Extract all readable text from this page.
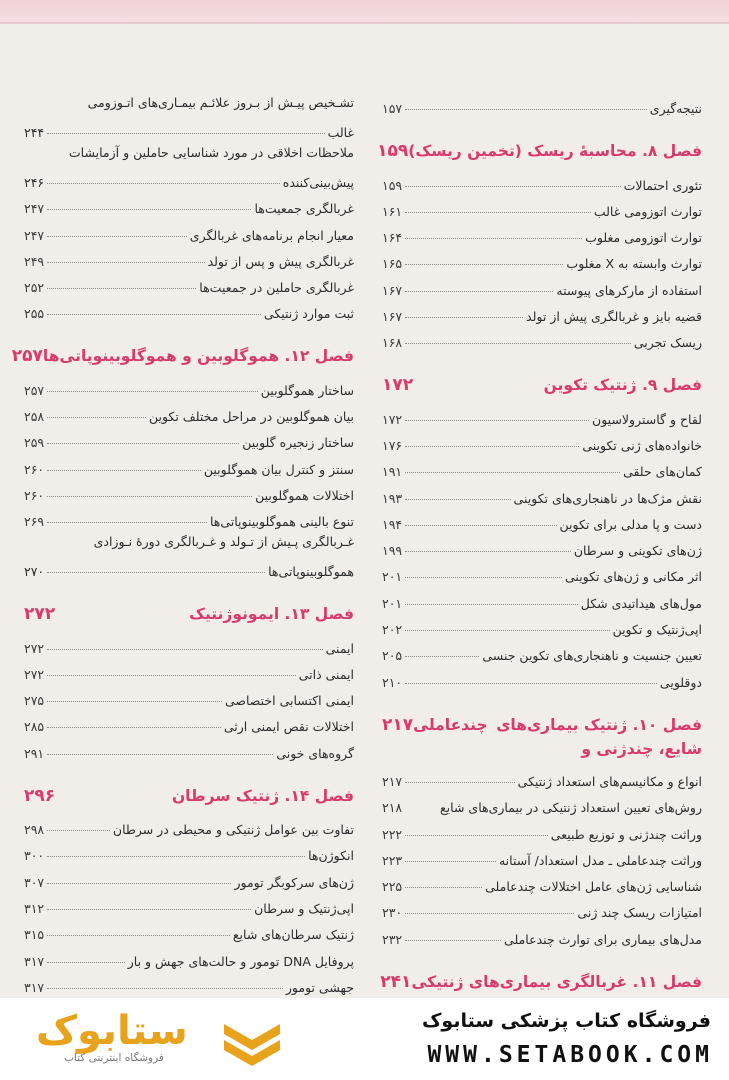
نتیجه‌گیری
۱۵۷
فصل ۸. محاسبهٔ ریسک (تخمین ریسک)
۱۵۹
تئوری احتمالات
۱۵۹
توارث اتوزومی غالب
۱۶۱
توارث اتوزومی مغلوب
۱۶۴
توارث وابسته به X مغلوب
۱۶۵
استفاده از مارکرهای پیوسته
۱۶۷
قضیه بایز و غربالگری پیش از تولد
۱۶۷
ریسک تجربی
۱۶۸
فصل ۹. ژنتیک تکوین
۱۷۲
لقاح و گاسترولاسیون
۱۷۲
خانواده‌های ژنی تکوینی
۱۷۶
کمان‌های حلقی
۱۹۱
نقش مژک‌ها در ناهنجاری‌های تکوینی
۱۹۳
دست و پا مدلی برای تکوین
۱۹۴
ژن‌های تکوینی و سرطان
۱۹۹
اثر مکانی و ژن‌های تکوینی
۲۰۱
مول‌های هیداتیدی شکل
۲۰۱
اپی‌ژنتیک و تکوین
۲۰۲
تعیین جنسیت و ناهنجاری‌های تکوین جنسی
۲۰۵
دوقلویی
۲۱۰
فصل ۱۰. ژنتیک بیماری‌های شایع، چندژنی و
چندعاملی
۲۱۷
انواع و مکانیسم‌های استعداد ژنتیکی
۲۱۷
روش‌های تعیین استعداد ژنتیکی در بیماری‌های شایع
۲۱۸
وراثت چندژنی و توزیع طبیعی
۲۲۲
وراثت چندعاملی ـ مدل استعداد/ آستانه
۲۲۳
شناسایی ژن‌های عامل اختلالات چندعاملی
۲۲۵
امتیازات ریسک چند ژنی
۲۳۰
مدل‌های بیماری برای توارث چندعاملی
۲۳۲
فصل ۱۱. غربالگری بیماری‌های ژنتیکی
۲۴۱
تشـخیص پیـش از بـروز علائـم بیمـاری‌های اتـوزومی
غالب
۲۴۴
ملاحظات اخلاقی در مورد شناسایی حاملین و آزمایشات
پیش‌بینی‌کننده
۲۴۶
غربالگری جمعیت‌ها
۲۴۷
معیار انجام برنامه‌های غربالگری
۲۴۷
غربالگری پیش و پس از تولد
۲۴۹
غربالگری حاملین در جمعیت‌ها
۲۵۲
ثبت موارد ژنتیکی
۲۵۵
فصل ۱۲. هموگلوبین و هموگلوبینوپاتی‌ها
۲۵۷
ساختار هموگلوبین
۲۵۷
بیان هموگلوبین در مراحل مختلف تکوین
۲۵۸
ساختار زنجیره گلوبین
۲۵۹
سنتز و کنترل بیان هموگلوبین
۲۶۰
اختلالات هموگلوبین
۲۶۰
تنوع بالینی هموگلوبینوپاتی‌ها
۲۶۹
غـربالگری پـیش از تـولد و غـربالگری دورهٔ نـوزادی
هموگلوبینوپاتی‌ها
۲۷۰
فصل ۱۳. ایمونوژنتیک
۲۷۲
ایمنی
۲۷۲
ایمنی ذاتی
۲۷۲
ایمنی اکتسابی اختصاصی
۲۷۵
اختلالات نقص ایمنی ارثی
۲۸۵
گروه‌های خونی
۲۹۱
فصل ۱۴. ژنتیک سرطان
۲۹۶
تفاوت بین عوامل ژنتیکی و محیطی در سرطان
۲۹۸
انکوژن‌ها
۳۰۰
ژن‌های سرکوبگر تومور
۳۰۷
اپی‌ژنتیک و سرطان
۳۱۲
ژنتیک سرطان‌های شایع
۳۱۵
پروفایل DNA تومور و حالت‌های جهش و بار
۳۱۷
جهشی تومور
۳۱۷
ستابوک
فروشگاه اینترنتی کتاب
فروشگاه کتاب پزشکی ستابوک
WWW.SETABOOK.COM
